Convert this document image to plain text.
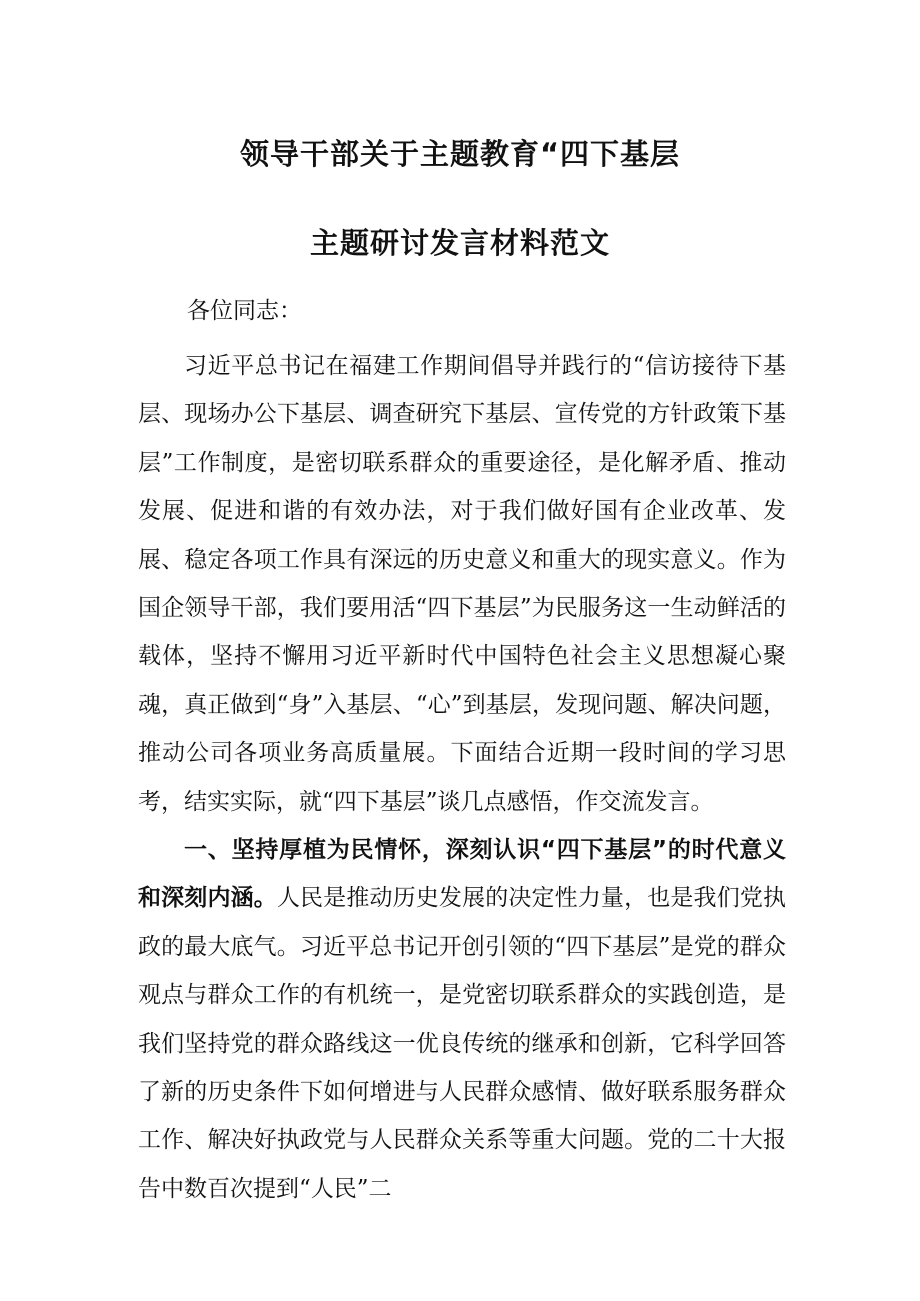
领导干部关于主题教育“四下基层
主题研讨发言材料范文

各位同志：

习近平总书记在福建工作期间倡导并践行的“信访接待下基层、现场办公下基层、调查研究下基层、宣传党的方针政策下基层”工作制度，是密切联系群众的重要途径，是化解矛盾、推动发展、促进和谐的有效办法，对于我们做好国有企业改革、发展、稳定各项工作具有深远的历史意义和重大的现实意义。作为国企领导干部，我们要用活“四下基层”为民服务这一生动鲜活的载体，坚持不懈用习近平新时代中国特色社会主义思想凝心聚魂，真正做到“身”入基层、“心”到基层，发现问题、解决问题，推动公司各项业务高质量展。下面结合近期一段时间的学习思考，结实实际，就“四下基层”谈几点感悟，作交流发言。

一、坚持厚植为民情怀，深刻认识“四下基层”的时代意义和深刻内涵。人民是推动历史发展的决定性力量，也是我们党执政的最大底气。习近平总书记开创引领的“四下基层”是党的群众观点与群众工作的有机统一，是党密切联系群众的实践创造，是我们坚持党的群众路线这一优良传统的继承和创新，它科学回答了新的历史条件下如何增进与人民群众感情、做好联系服务群众工作、解决好执政党与人民群众关系等重大问题。党的二十大报告中数百次提到“人民”二
